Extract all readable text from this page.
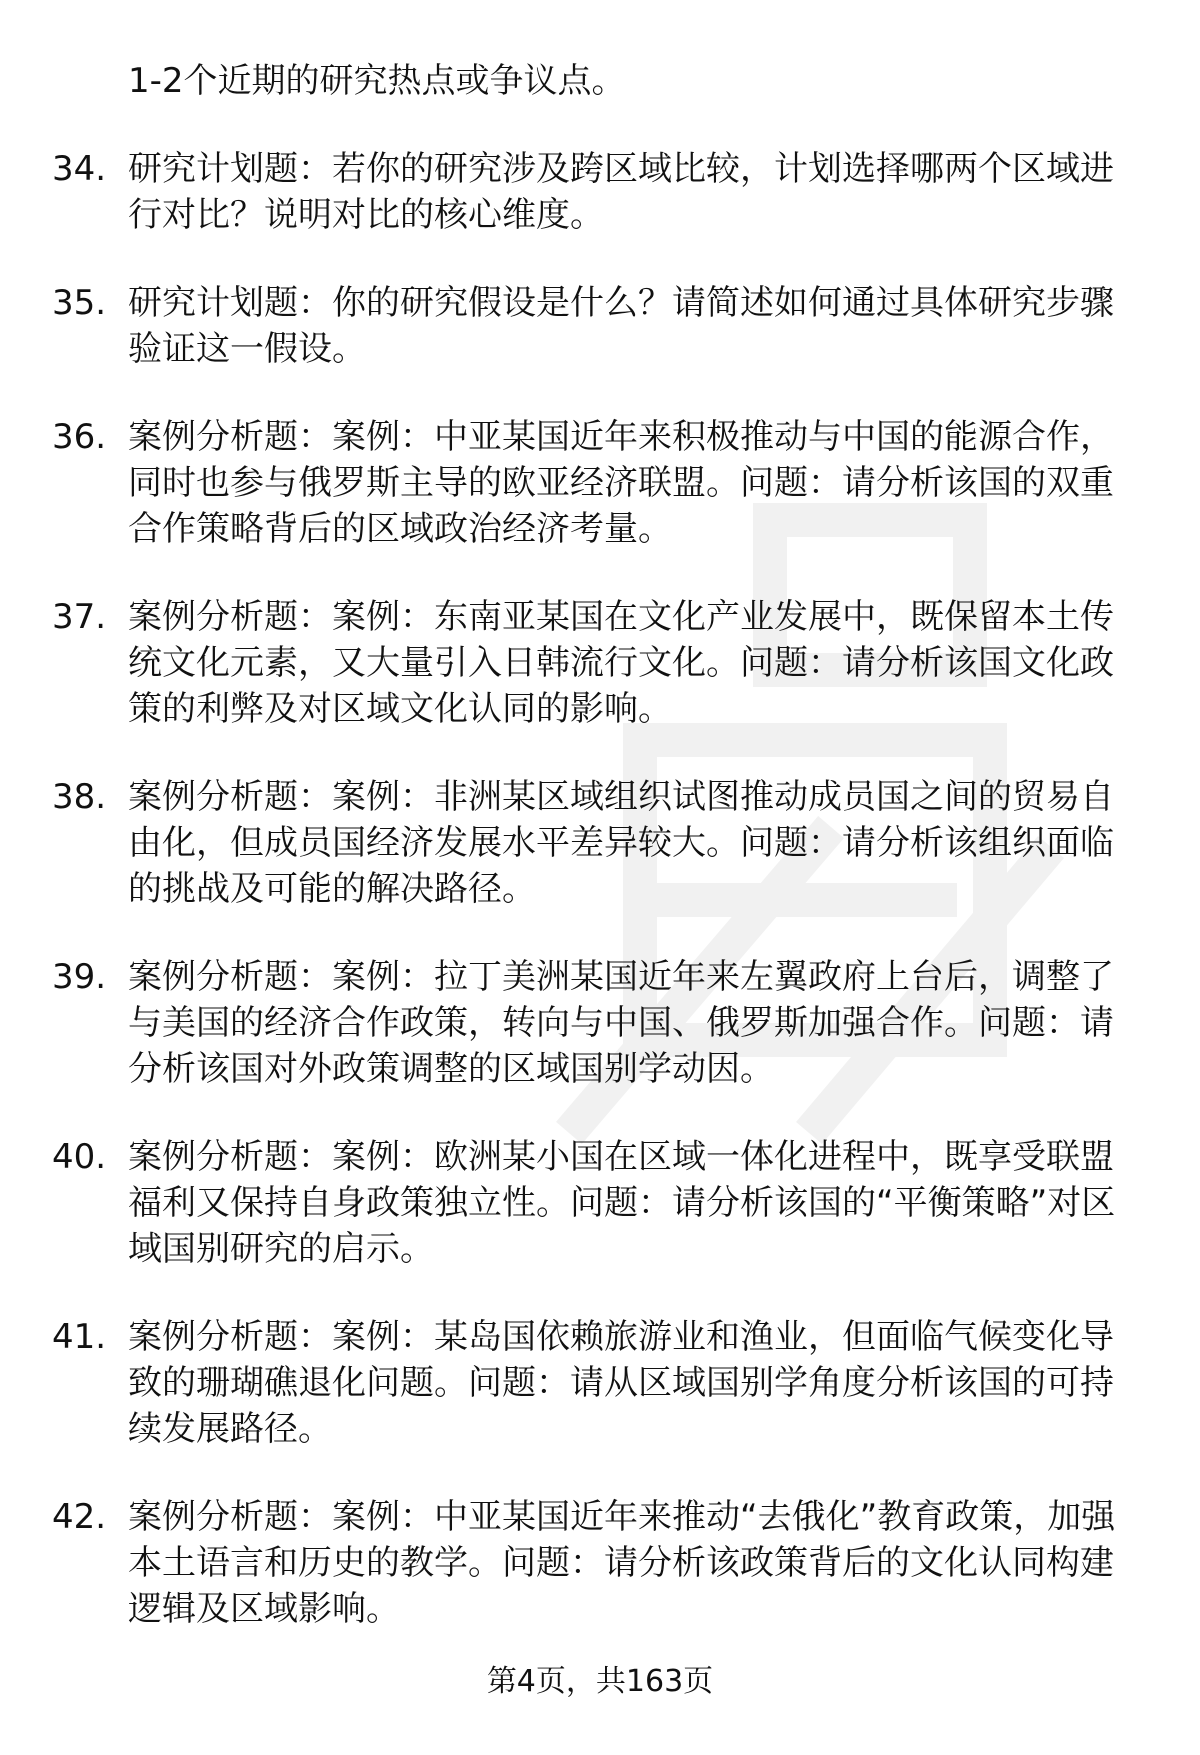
1-2个近期的研究热点或争议点。
34. 研究计划题：若你的研究涉及跨区域比较，计划选择哪两个区域进行对比？说明对比的核心维度。
35. 研究计划题：你的研究假设是什么？请简述如何通过具体研究步骤验证这一假设。
36. 案例分析题：案例：中亚某国近年来积极推动与中国的能源合作，同时也参与俄罗斯主导的欧亚经济联盟。问题：请分析该国的双重合作策略背后的区域政治经济考量。
37. 案例分析题：案例：东南亚某国在文化产业发展中，既保留本土传统文化元素，又大量引入日韩流行文化。问题：请分析该国文化政策的利弊及对区域文化认同的影响。
38. 案例分析题：案例：非洲某区域组织试图推动成员国之间的贸易自由化，但成员国经济发展水平差异较大。问题：请分析该组织面临的挑战及可能的解决路径。
39. 案例分析题：案例：拉丁美洲某国近年来左翼政府上台后，调整了与美国的经济合作政策，转向与中国、俄罗斯加强合作。问题：请分析该国对外政策调整的区域国别学动因。
40. 案例分析题：案例：欧洲某小国在区域一体化进程中，既享受联盟福利又保持自身政策独立性。问题：请分析该国的“平衡策略”对区域国别研究的启示。
41. 案例分析题：案例：某岛国依赖旅游业和渔业，但面临气候变化导致的珊瑚礁退化问题。问题：请从区域国别学角度分析该国的可持续发展路径。
42. 案例分析题：案例：中亚某国近年来推动“去俄化”教育政策，加强本土语言和历史的教学。问题：请分析该政策背后的文化认同构建逻辑及区域影响。
第4页，共163页
